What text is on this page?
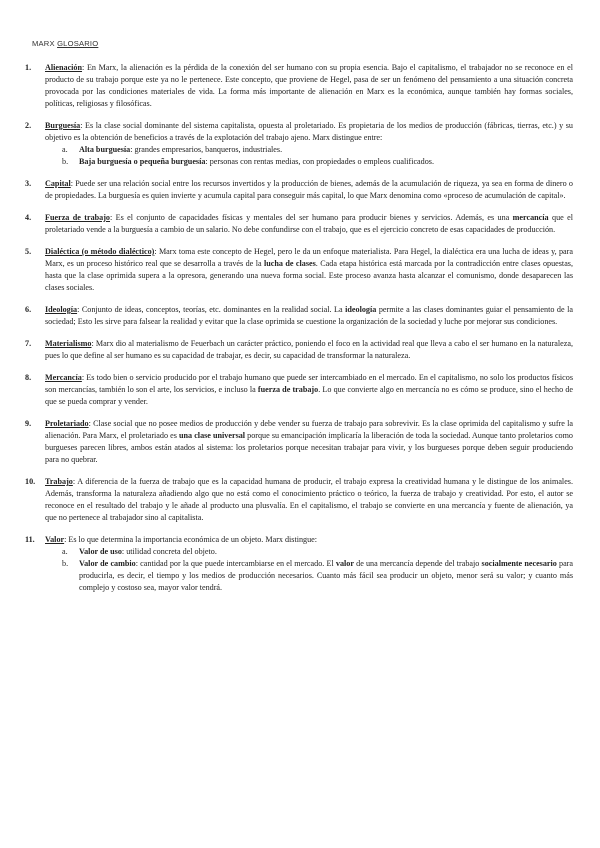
MARX GLOSARIO
1.	Alienación: En Marx, la alienación es la pérdida de la conexión del ser humano con su propia esencia. Bajo el capitalismo, el trabajador no se reconoce en el producto de su trabajo porque este ya no le pertenece. Este concepto, que proviene de Hegel, pasa de ser un fenómeno del pensamiento a una situación concreta provocada por las condiciones materiales de vida. La forma más importante de alienación en Marx es la económica, aunque también hay formas sociales, políticas, religiosas y filosóficas.
2.	Burguesía: Es la clase social dominante del sistema capitalista, opuesta al proletariado. Es propietaria de los medios de producción (fábricas, tierras, etc.) y su objetivo es la obtención de beneficios a través de la explotación del trabajo ajeno. Marx distingue entre:
a.	Alta burguesía: grandes empresarios, banqueros, industriales.
b.	Baja burguesía o pequeña burguesía: personas con rentas medias, con propiedades o empleos cualificados.
3.	Capital: Puede ser una relación social entre los recursos invertidos y la producción de bienes, además de la acumulación de riqueza, ya sea en forma de dinero o de propiedades. La burguesía es quien invierte y acumula capital para conseguir más capital, lo que Marx denomina como «proceso de acumulación de capital».
4.	Fuerza de trabajo: Es el conjunto de capacidades físicas y mentales del ser humano para producir bienes y servicios. Además, es una mercancía que el proletariado vende a la burguesía a cambio de un salario. No debe confundirse con el trabajo, que es el ejercicio concreto de esas capacidades de producción.
5.	Dialéctica (o método dialéctico): Marx toma este concepto de Hegel, pero le da un enfoque materialista. Para Hegel, la dialéctica era una lucha de ideas y, para Marx, es un proceso histórico real que se desarrolla a través de la lucha de clases. Cada etapa histórica está marcada por la contradicción entre clases opuestas, hasta que la clase oprimida supera a la opresora, generando una nueva forma social. Este proceso avanza hasta alcanzar el comunismo, donde desaparecen las clases sociales.
6.	Ideología: Conjunto de ideas, conceptos, teorías, etc. dominantes en la realidad social. La ideología permite a las clases dominantes guiar el pensamiento de la sociedad; Esto les sirve para falsear la realidad y evitar que la clase oprimida se cuestione la organización de la sociedad y luche por mejorar sus condiciones.
7.	Materialismo: Marx dio al materialismo de Feuerbach un carácter práctico, poniendo el foco en la actividad real que lleva a cabo el ser humano en la naturaleza, pues lo que define al ser humano es su capacidad de trabajar, es decir, su capacidad de transformar la naturaleza.
8.	Mercancía: Es todo bien o servicio producido por el trabajo humano que puede ser intercambiado en el mercado. En el capitalismo, no solo los productos físicos son mercancías, también lo son el arte, los servicios, e incluso la fuerza de trabajo. Lo que convierte algo en mercancía no es cómo se produce, sino el hecho de que se pueda comprar y vender.
9.	Proletariado: Clase social que no posee medios de producción y debe vender su fuerza de trabajo para sobrevivir. Es la clase oprimida del capitalismo y sufre la alienación. Para Marx, el proletariado es una clase universal porque su emancipación implicaría la liberación de toda la sociedad. Aunque tanto proletarios como burgueses parecen libres, ambos están atados al sistema: los proletarios porque necesitan trabajar para vivir, y los burgueses porque deben seguir produciendo para no quebrar.
10.	Trabajo: A diferencia de la fuerza de trabajo que es la capacidad humana de producir, el trabajo expresa la creatividad humana y le distingue de los animales. Además, transforma la naturaleza añadiendo algo que no está como el conocimiento práctico o teórico, la fuerza de trabajo y creatividad. Por esto, el autor se reconoce en el resultado del trabajo y le añade al producto una plusvalía. En el capitalismo, el trabajo se convierte en una mercancía y fuente de alienación, ya que no pertenece al trabajador sino al capitalista.
11.	Valor: Es lo que determina la importancia económica de un objeto. Marx distingue:
a.	Valor de uso: utilidad concreta del objeto.
b.	Valor de cambio: cantidad por la que puede intercambiarse en el mercado. El valor de una mercancía depende del trabajo socialmente necesario para producirla, es decir, el tiempo y los medios de producción necesarios. Cuanto más fácil sea producir un objeto, menor será su valor; y cuanto más complejo y costoso sea, mayor valor tendrá.
